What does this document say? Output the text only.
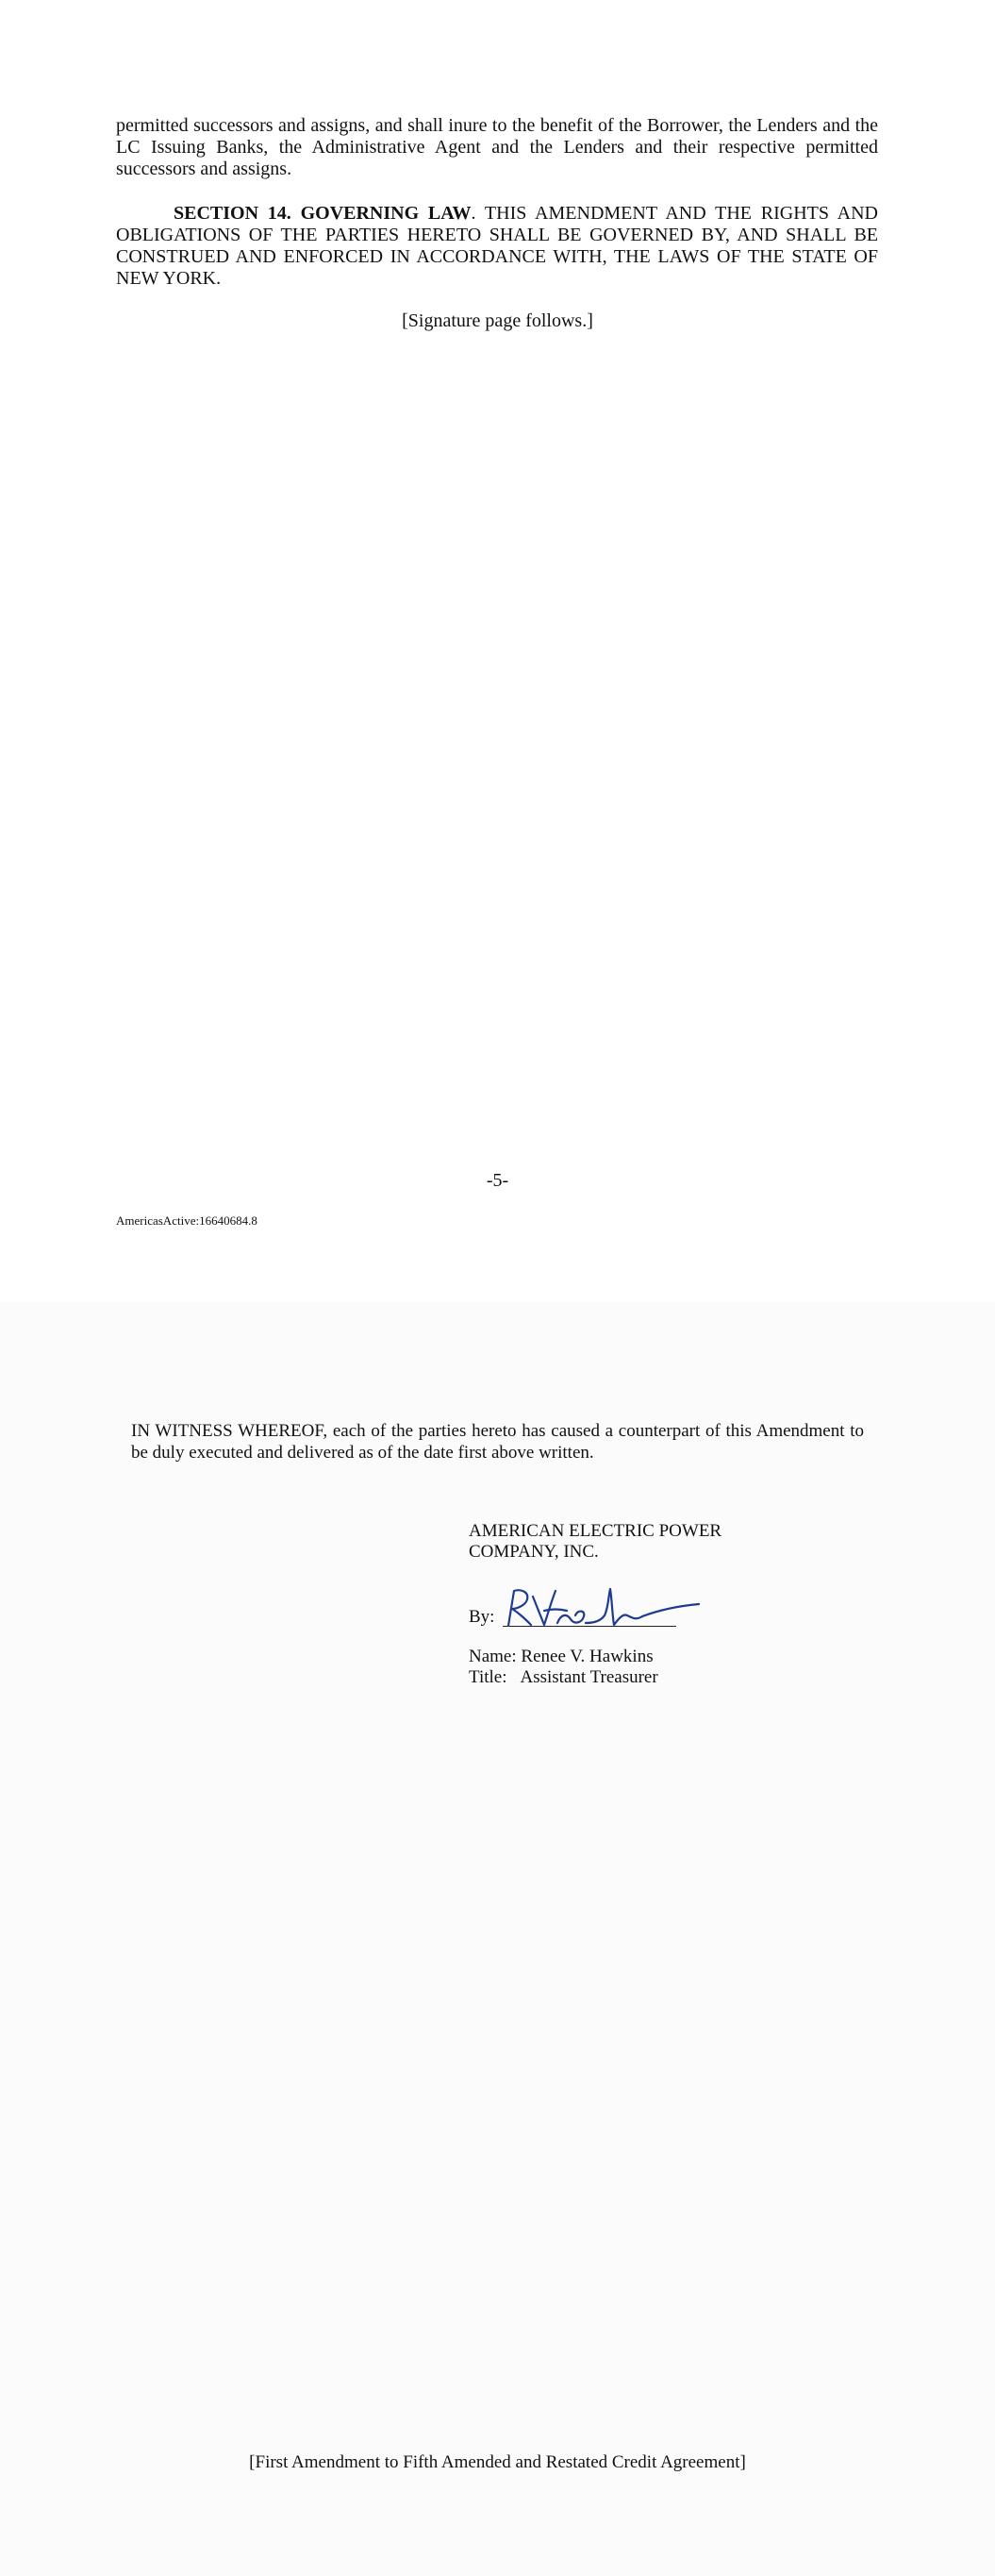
permitted successors and assigns, and shall inure to the benefit of the Borrower, the Lenders and the LC Issuing Banks, the Administrative Agent and the Lenders and their respective permitted successors and assigns.

SECTION 14. GOVERNING LAW. THIS AMENDMENT AND THE RIGHTS AND OBLIGATIONS OF THE PARTIES HERETO SHALL BE GOVERNED BY, AND SHALL BE CONSTRUED AND ENFORCED IN ACCORDANCE WITH, THE LAWS OF THE STATE OF NEW YORK.

[Signature page follows.]
-5-
AmericasActive:16640684.8

IN WITNESS WHEREOF, each of the parties hereto has caused a counterpart of this Amendment to be duly executed and delivered as of the date first above written.

AMERICAN ELECTRIC POWER
COMPANY, INC.
By:
Name: Renee V. Hawkins
Title: Assistant Treasurer
[First Amendment to Fifth Amended and Restated Credit Agreement]
